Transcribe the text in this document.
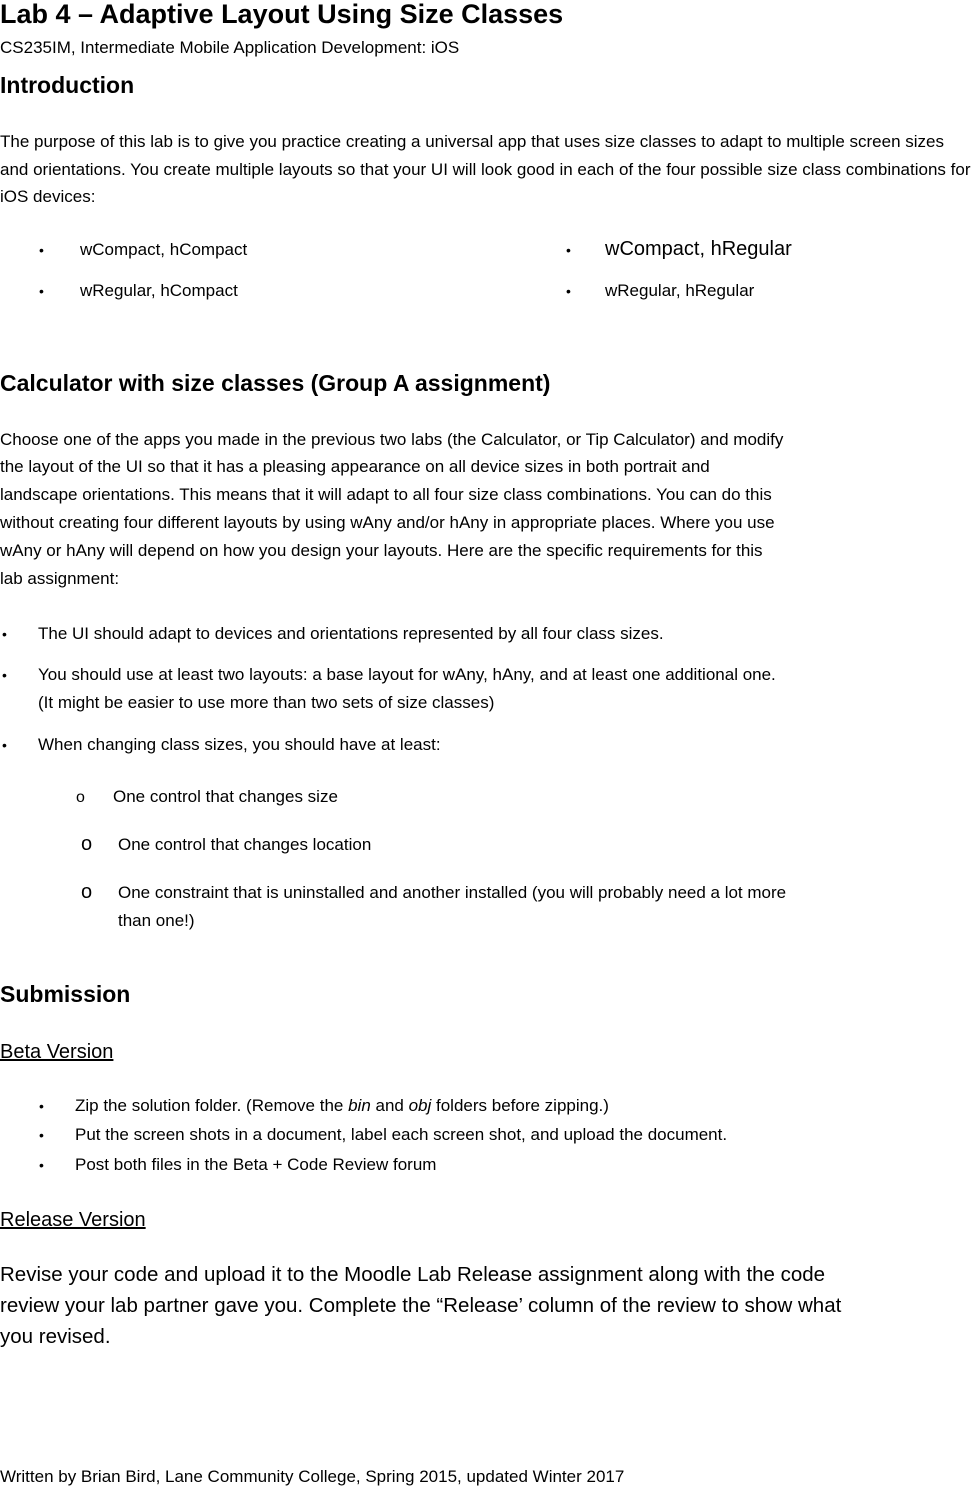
Lab 4 – Adaptive Layout Using Size Classes
CS235IM, Intermediate Mobile Application Development: iOS
Introduction
The purpose of this lab is to give you practice creating a universal app that uses size classes to adapt to multiple screen sizes and orientations. You create multiple layouts so that your UI will look good in each of the four possible size class combinations for iOS devices:
• wCompact, hCompact	• wCompact, hRegular
• wRegular, hCompact	• wRegular, hRegular
Calculator with size classes (Group A assignment)
Choose one of the apps you made in the previous two labs (the Calculator, or Tip Calculator) and modify
the layout of the UI so that it has a pleasing appearance on all device sizes in both portrait and
landscape orientations. This means that it will adapt to all four size class combinations. You can do this
without creating four different layouts by using wAny and/or hAny in appropriate places. Where you use
wAny or hAny will depend on how you design your layouts. Here are the specific requirements for this
lab assignment:
• The UI should adapt to devices and orientations represented by all four class sizes.
• You should use at least two layouts: a base layout for wAny, hAny, and at least one additional one.
(It might be easier to use more than two sets of size classes)
• When changing class sizes, you should have at least:
o One control that changes size
o One control that changes location
o One constraint that is uninstalled and another installed (you will probably need a lot more
than one!)
Submission
Beta Version
• Zip the solution folder. (Remove the bin and obj folders before zipping.)
• Put the screen shots in a document, label each screen shot, and upload the document.
• Post both files in the Beta + Code Review forum
Release Version
Revise your code and upload it to the Moodle Lab Release assignment along with the code
review your lab partner gave you. Complete the “Release’ column of the review to show what
you revised.
Written by Brian Bird, Lane Community College, Spring 2015, updated Winter 2017
